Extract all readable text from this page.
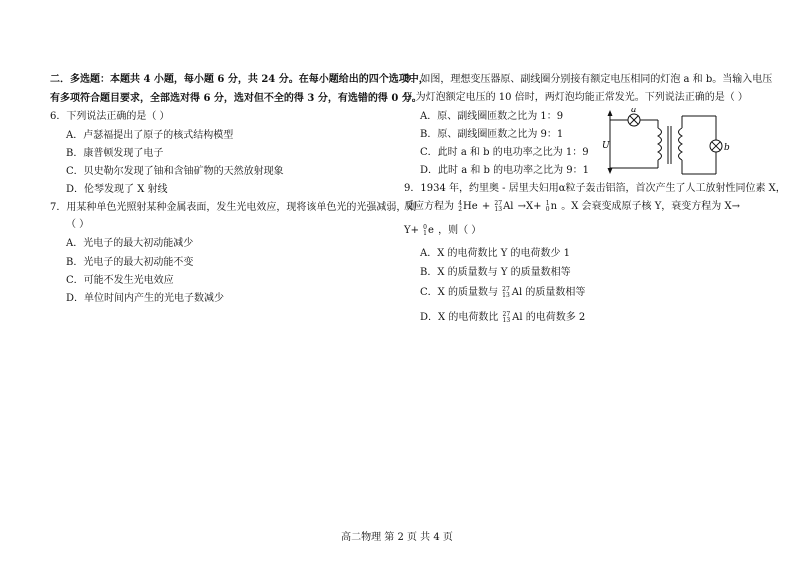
二．多选题：本题共 4 小题，每小题 6 分，共 24 分。在每小题给出的四个选项中，
有多项符合题目要求，全部选对得 6 分，选对但不全的得 3 分，有选错的得 0 分。
6．下列说法正确的是（ ）
A．卢瑟福提出了原子的核式结构模型
B．康普顿发现了电子
C．贝史勒尔发现了铀和含铀矿物的天然放射现象
D．伦琴发现了 X 射线
7．用某种单色光照射某种金属表面，发生光电效应，现将该单色光的光强减弱，则
（ ）
A．光电子的最大初动能减少
B．光电子的最大初动能不变
C．可能不发生光电效应
D．单位时间内产生的光电子数减少
8．如图，理想变压器原、副线圈分别接有额定电压相同的灯泡 a 和 b。当输入电压
U 为灯泡额定电压的 10 倍时，两灯泡均能正常发光。下列说法正确的是（ ）
A．原、副线圈匝数之比为 1：9
B．原、副线圈匝数之比为 9：1
C．此时 a 和 b 的电功率之比为 1：9
D．此时 a 和 b 的电功率之比为 9：1
9．1934 年，约里奥 - 居里夫妇用α粒子轰击铝箔，首次产生了人工放射性同位素 X，
反应方程为 4
2 He + 27
13 Al →X+ 1
0 n 。X 会衰变成原子核 Y，衰变方程为 X→
Y+ 0
1 e ，则（ ）
A．X 的电荷数比 Y 的电荷数少 1
B．X 的质量数与 Y 的质量数相等
C．X 的质量数与 27
13 Al 的质量数相等
D．X 的电荷数比 27
13 Al 的电荷数多 2
U
a
b
高二物理 第 2 页 共 4 页
